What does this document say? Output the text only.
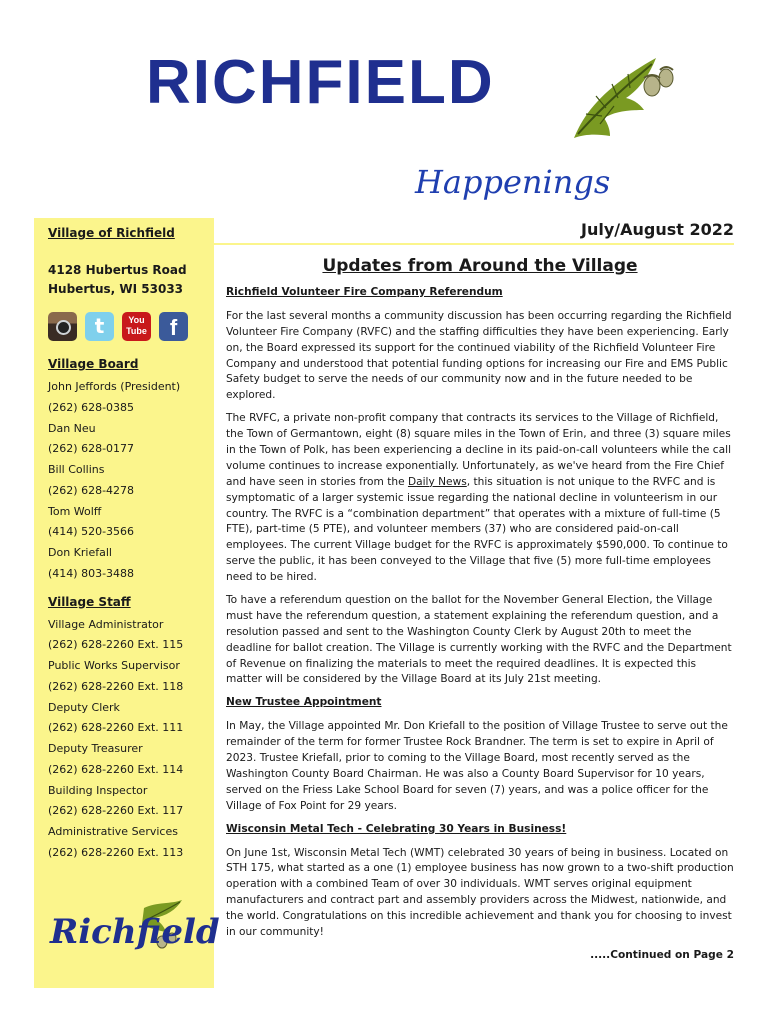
RICHFIELD
Happenings

Village of Richfield

4128 Hubertus Road
Hubertus, WI 53033

t	You
Tube	f

Village Board

John Jeffords (President)

(262) 628-0385

Dan Neu

(262) 628-0177

Bill Collins

(262) 628-4278

Tom Wolff

(414) 520-3566

Don Kriefall

(414) 803-3488

Village Staff

Village Administrator

(262) 628-2260 Ext. 115

Public Works Supervisor

(262) 628-2260 Ext. 118

Deputy Clerk

(262) 628-2260 Ext. 111

Deputy Treasurer

(262) 628-2260 Ext. 114

Building Inspector

(262) 628-2260 Ext. 117

Administrative Services

(262) 628-2260 Ext. 113

Richfield
July/August 2022
Updates from Around the Village

Richfield Volunteer Fire Company Referendum

For the last several months a community discussion has been occurring regarding the Richfield Volunteer Fire Company (RVFC) and the staffing difficulties they have been experiencing. Early on, the Board expressed its support for the continued viability of the Richfield Volunteer Fire Company and understood that potential funding options for increasing our Fire and EMS Public Safety budget to serve the needs of our community now and in the future needed to be explored.

The RVFC, a private non-profit company that contracts its services to the Village of Richfield, the Town of Germantown, eight (8) square miles in the Town of Erin, and three (3) square miles in the Town of Polk, has been experiencing a decline in its paid-on-call volunteers while the call volume continues to increase exponentially. Unfortunately, as we've heard from the Fire Chief and have seen in stories from the Daily News, this situation is not unique to the RVFC and is symptomatic of a larger systemic issue regarding the national decline in volunteerism in our country. The RVFC is a “combination department” that operates with a mixture of full-time (5 FTE), part-time (5 PTE), and volunteer members (37) who are considered paid-on-call employees. The current Village budget for the RVFC is approximately $590,000. To continue to serve the public, it has been conveyed to the Village that five (5) more full-time employees need to be hired.

To have a referendum question on the ballot for the November General Election, the Village must have the referendum question, a statement explaining the referendum question, and a resolution passed and sent to the Washington County Clerk by August 20th to meet the deadline for ballot creation. The Village is currently working with the RVFC and the Department of Revenue on finalizing the materials to meet the required deadlines. It is expected this matter will be considered by the Village Board at its July 21st meeting.

New Trustee Appointment

In May, the Village appointed Mr. Don Kriefall to the position of Village Trustee to serve out the remainder of the term for former Trustee Rock Brandner. The term is set to expire in April of 2023. Trustee Kriefall, prior to coming to the Village Board, most recently served as the Washington County Board Chairman. He was also a County Board Supervisor for 10 years, served on the Friess Lake School Board for seven (7) years, and was a police officer for the Village of Fox Point for 29 years.

Wisconsin Metal Tech - Celebrating 30 Years in Business!

On June 1st, Wisconsin Metal Tech (WMT) celebrated 30 years of being in business. Located on STH 175, what started as a one (1) employee business has now grown to a two-shift production operation with a combined Team of over 30 individuals. WMT serves original equipment manufacturers and contract part and assembly providers across the Midwest, nationwide, and the world. Congratulations on this incredible achievement and thank you for choosing to invest in our community!

.....Continued on Page 2
